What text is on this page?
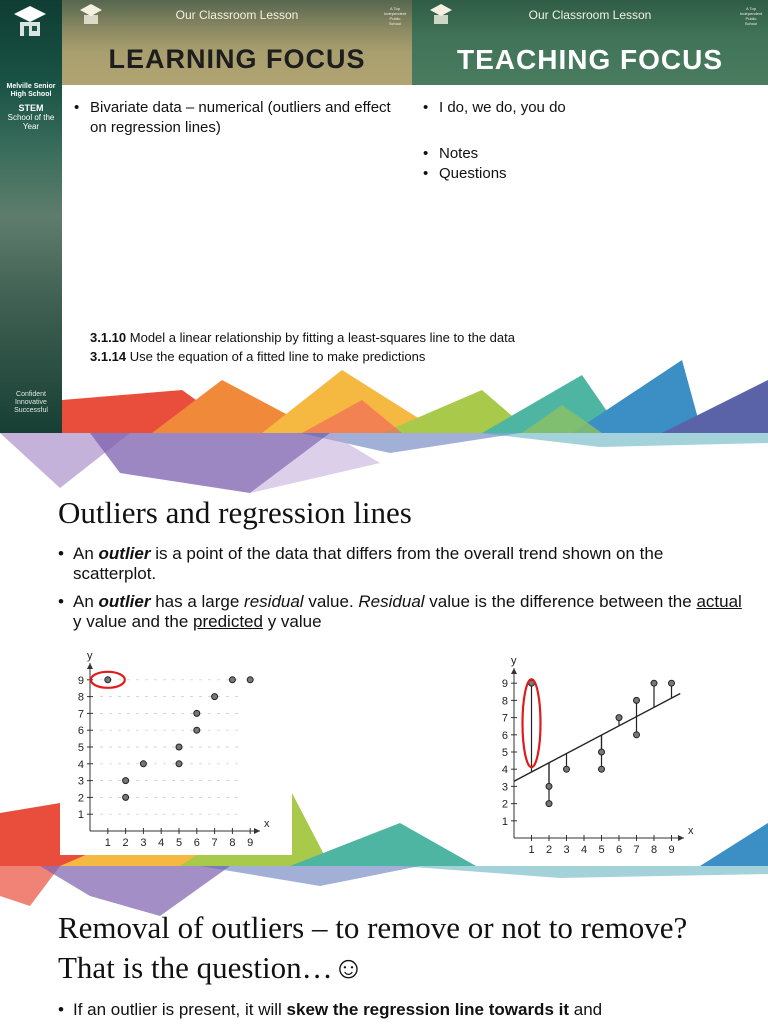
Melville Senior High School
STEM
School of the Year
Confident Innovative Successful
Our Classroom Lesson	A Top Independent Public School
LEARNING FOCUS
Our Classroom Lesson	A Top Independent Public School
TEACHING FOCUS
• Bivariate data – numerical (outliers and effect on regression lines)
• I do, we do, you do
• Notes
• Questions
3.1.10 Model a linear relationship by fitting a least-squares line to the data
3.1.14 Use the equation of a fitted line to make predictions
Outliers and regression lines
• An outlier is a point of the data that differs from the overall trend shown on the scatterplot.
• An outlier has a large residual value. Residual value is the difference between the actual y value and the predicted y value
x
y
1 2 3 4 5 6 7 8 9
1
2
3
4
5
6
7
8
9
x
y
1 2 3 4 5 6 7 8 9
1
2
3
4
5
6
7
8
9
Removal of outliers – to remove or not to remove? That is the question…☺
• If an outlier is present, it will skew the regression line towards it and
